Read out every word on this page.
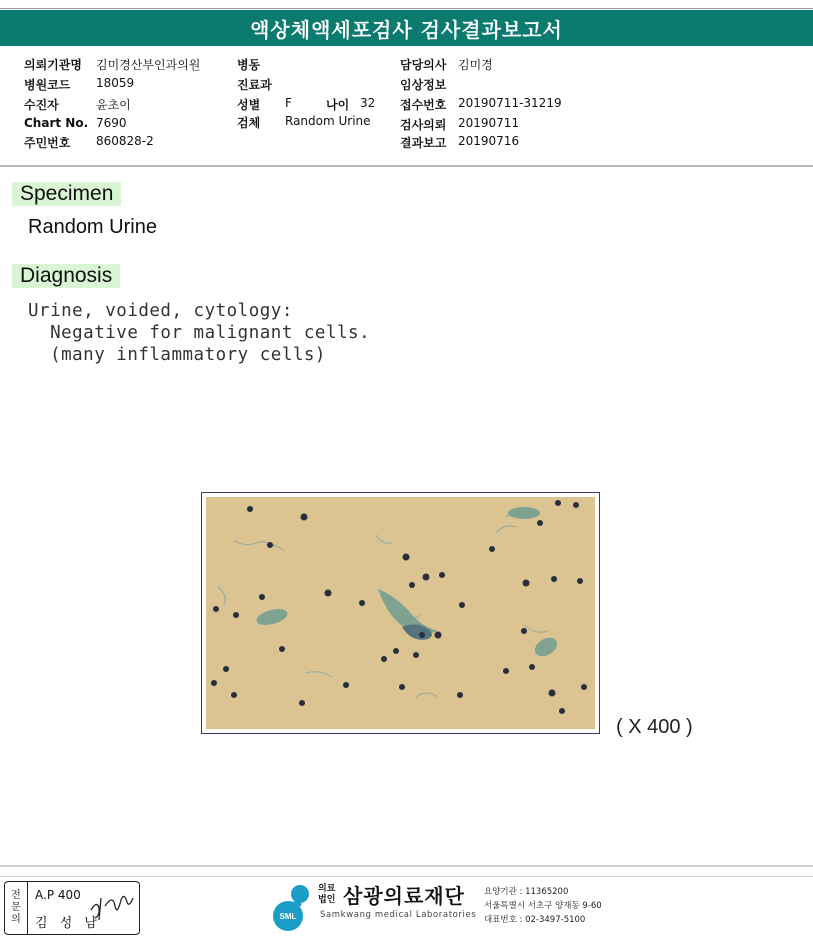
액상체액세포검사 검사결과보고서
의뢰기관명 김미경산부인과의원
병원코드 18059
수진자	윤초이
Chart No. 7690
주민번호 860828-2
병동
진료과
성별 F	나이 32
검체 Random Urine
담당의사 김미경
임상정보
접수번호 20190711-31219
검사의뢰 20190711
결과보고 20190716
Specimen
Random Urine
Diagnosis
Urine, voided, cytology:
Negative for malignant cells.
(many inflammatory cells)
( X 400 )
전
문
의
A.P 400
김 성 남	SML
의료법인 삼광의료재단
Samkwang medical Laboratories
요양기관 : 11365200
서울특별시 서초구 양재동 9-60
대표번호 : 02-3497-5100
